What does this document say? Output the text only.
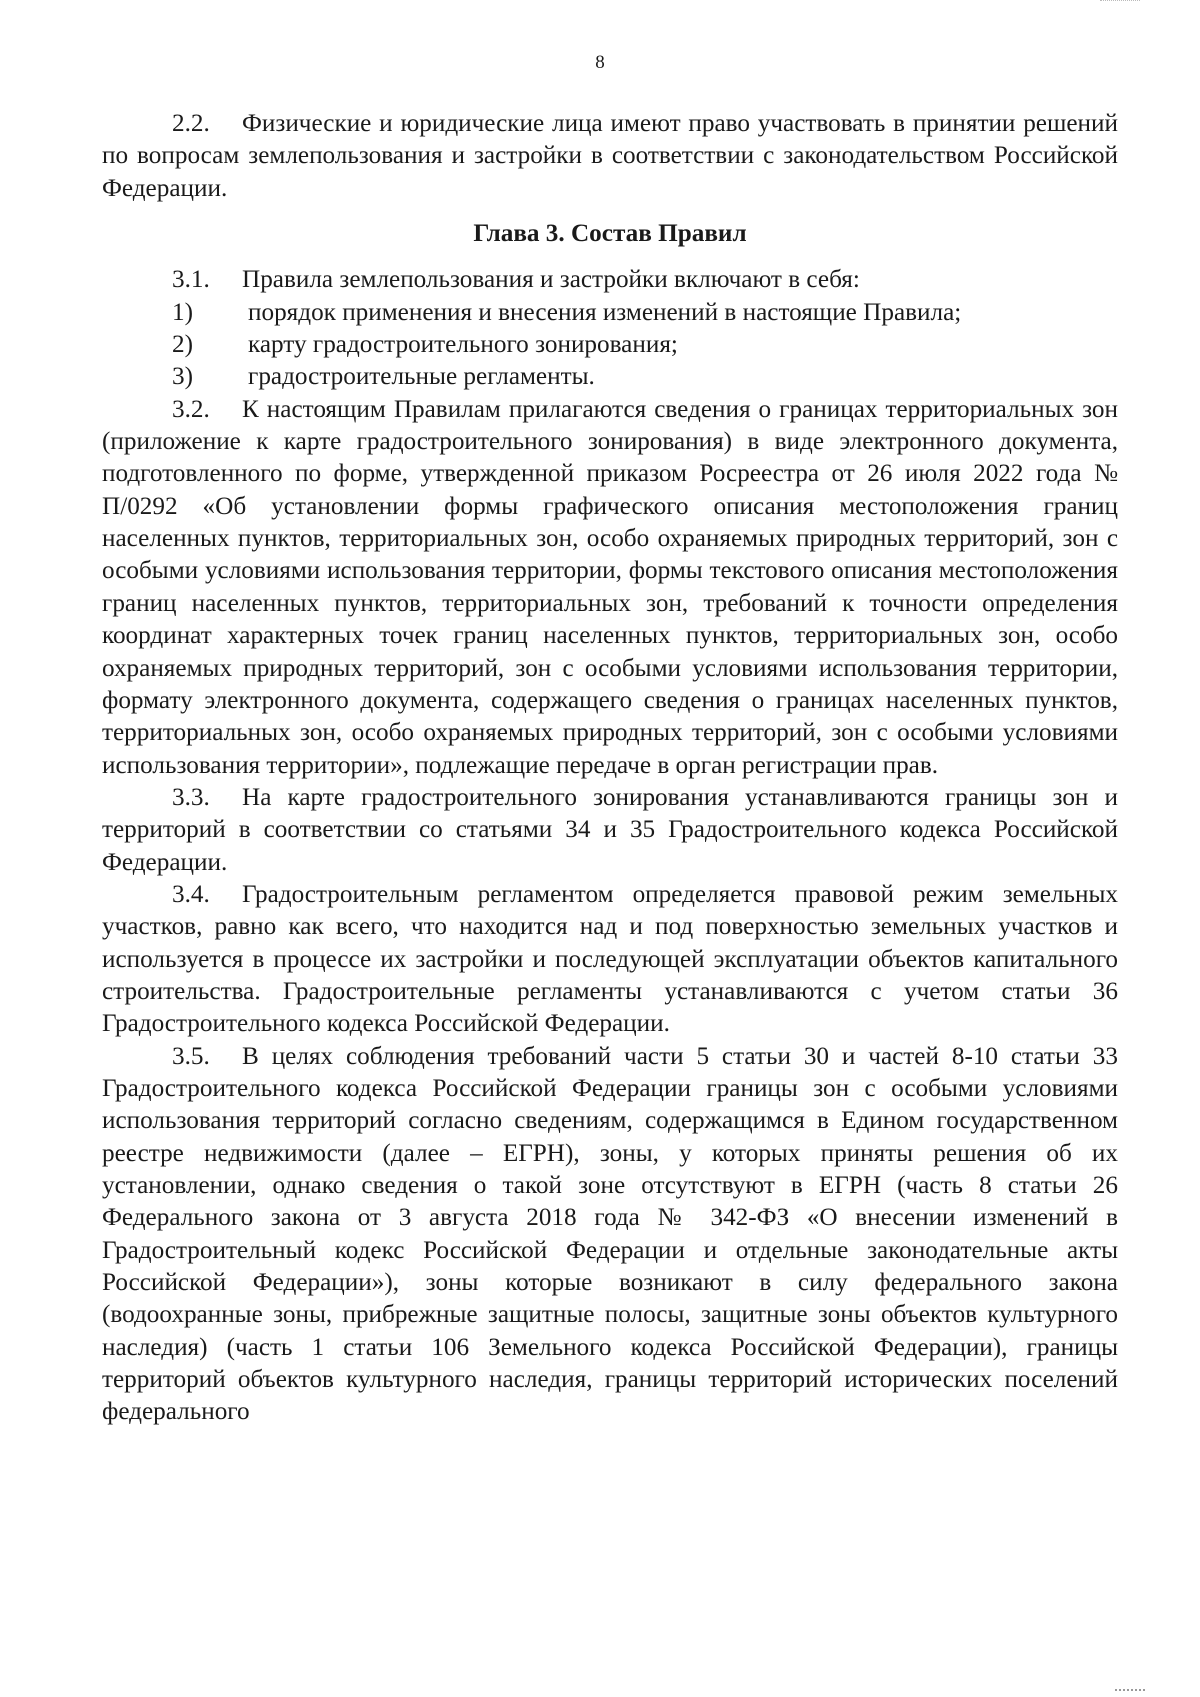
8

2.2. Физические и юридические лица имеют право участвовать в принятии решений по вопросам землепользования и застройки в соответствии с законодательством Российской Федерации.

Глава 3. Состав Правил

3.1. Правила землепользования и застройки включают в себя:

1) порядок применения и внесения изменений в настоящие Правила;
2) карту градостроительного зонирования;
3) градостроительные регламенты.

3.2. К настоящим Правилам прилагаются сведения о границах территориальных зон (приложение к карте градостроительного зонирования) в виде электронного документа, подготовленного по форме, утвержденной приказом Росреестра от 26 июля 2022 года № П/0292 «Об установлении формы графического описания местоположения границ населенных пунктов, территориальных зон, особо охраняемых природных территорий, зон с особыми условиями использования территории, формы текстового описания местоположения границ населенных пунктов, территориальных зон, требований к точности определения координат характерных точек границ населенных пунктов, территориальных зон, особо охраняемых природных территорий, зон с особыми условиями использования территории, формату электронного документа, содержащего сведения о границах населенных пунктов, территориальных зон, особо охраняемых природных территорий, зон с особыми условиями использования территории», подлежащие передаче в орган регистрации прав.

3.3. На карте градостроительного зонирования устанавливаются границы зон и территорий в соответствии со статьями 34 и 35 Градостроительного кодекса Российской Федерации.

3.4. Градостроительным регламентом определяется правовой режим земельных участков, равно как всего, что находится над и под поверхностью земельных участков и используется в процессе их застройки и последующей эксплуатации объектов капитального строительства. Градостроительные регламенты устанавливаются с учетом статьи 36 Градостроительного кодекса Российской Федерации.

3.5. В целях соблюдения требований части 5 статьи 30 и частей 8-10 статьи 33 Градостроительного кодекса Российской Федерации границы зон с особыми условиями использования территорий согласно сведениям, содержащимся в Едином государственном реестре недвижимости (далее – ЕГРН), зоны, у которых приняты решения об их установлении, однако сведения о такой зоне отсутствуют в ЕГРН (часть 8 статьи 26 Федерального закона от 3 августа 2018 года № 342-ФЗ «О внесении изменений в Градостроительный кодекс Российской Федерации и отдельные законодательные акты Российской Федерации»), зоны которые возникают в силу федерального закона (водоохранные зоны, прибрежные защитные полосы, защитные зоны объектов культурного наследия) (часть 1 статьи 106 Земельного кодекса Российской Федерации), границы территорий объектов культурного наследия, границы территорий исторических поселений федерального
